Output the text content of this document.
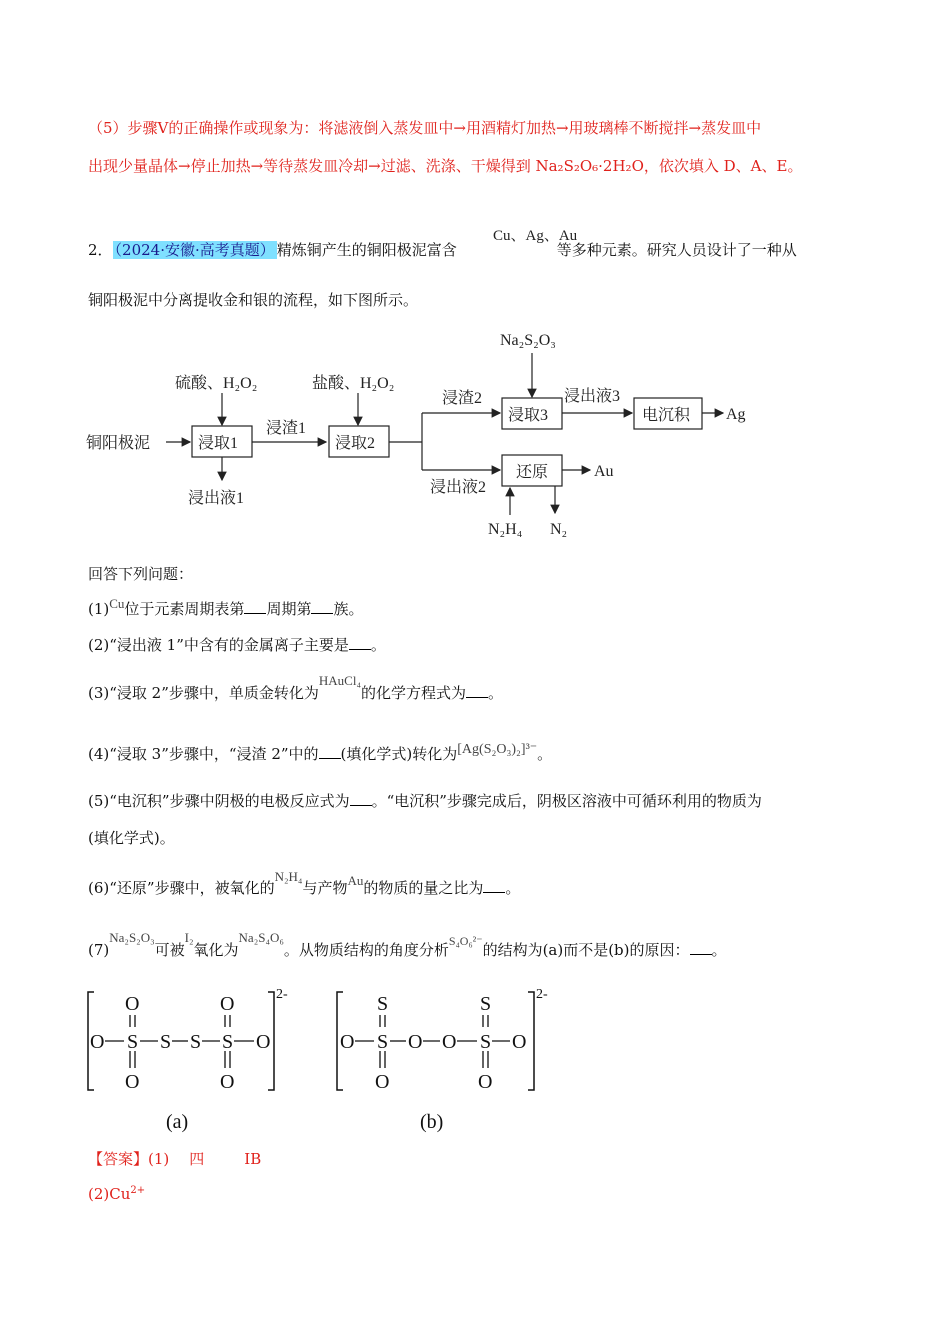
（5）步骤Ⅴ的正确操作或现象为：将滤液倒入蒸发皿中→用酒精灯加热→用玻璃棒不断搅拌→蒸发皿中
出现少量晶体→停止加热→等待蒸发皿冷却→过滤、洗涤、干燥得到 Na₂S₂O₆·2H₂O，依次填入 D、A、E。
2． （2024·安徽·高考真题） 精炼铜产生的铜阳极泥富含	等多种元素。研究人员设计了一种从
Cu、Ag、Au
铜阳极泥中分离提收金和银的流程，如下图所示。
铜阳极泥
硫酸、H₂O₂
浸取1
浸出液1
浸渣1
盐酸、H₂O₂
浸取2
浸渣2
浸出液2
Na₂S₂O₃
浸取3
浸出液3
电沉积 Ag
还原	Au
N₂H₄ N₂
回答下列问题：
(1)Cu位于元素周期表第 周期第 族。
(2)“浸出液 1”中含有的金属离子主要是 。
(3)“浸取 2”步骤中，单质金转化为HAuCl₄的化学方程式为 。
(4)“浸取 3”步骤中，“浸渣 2”中的 (填化学式)转化为[Ag(S₂O₃)₂]³⁻。
(5)“电沉积”步骤中阴极的电极反应式为 。“电沉积”步骤完成后，阴极区溶液中可循环利用的物质为
(填化学式)。
(6)“还原”步骤中，被氧化的N₂H₄与产物Au的物质的量之比为 。
(7)Na₂S₂O₃可被I₂氧化为Na₂S₄O₆。从物质结构的角度分析$^{S_4O_6^{2-}}$的结构为(a)而不是(b)的原因： 。
2-
O S S S S O
O	O
O	O
(a)
2-
O S O O S O
S	S
O	O
(b)
【答案】(1) 四	ⅠB
$(2)Cu^{2+}$
